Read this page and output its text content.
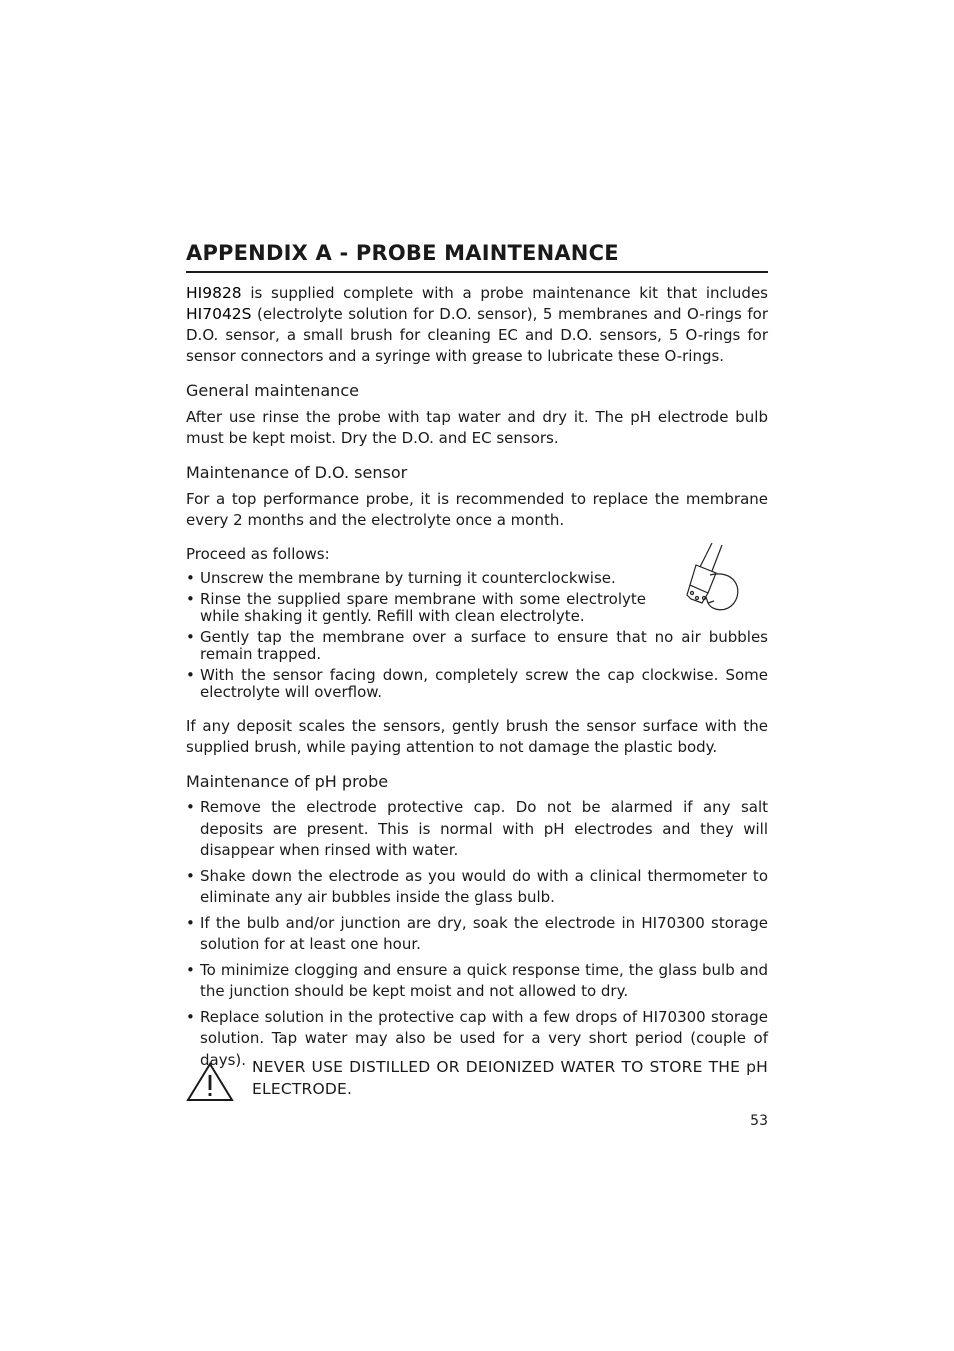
APPENDIX A - PROBE MAINTENANCE
HI9828 is supplied complete with a probe maintenance kit that includes HI7042S (electrolyte solution for D.O. sensor), 5 membranes and O-rings for D.O. sensor, a small brush for cleaning EC and D.O. sensors, 5 O-rings for sensor connectors and a syringe with grease to lubricate these O-rings.
General maintenance
After use rinse the probe with tap water and dry it. The pH electrode bulb must be kept moist. Dry the D.O. and EC sensors.
Maintenance of D.O. sensor
For a top performance probe, it is recommended to replace the membrane every 2 months and the electrolyte once a month.
Proceed as follows:
• Unscrew the membrane by turning it counterclockwise.
• Rinse the supplied spare membrane with some electrolyte while shaking it gently. Refill with clean electrolyte.
• Gently tap the membrane over a surface to ensure that no air bubbles remain trapped.
• With the sensor facing down, completely screw the cap clockwise. Some electrolyte will overflow.
If any deposit scales the sensors, gently brush the sensor surface with the supplied brush, while paying attention to not damage the plastic body.
Maintenance of pH probe
• Remove the electrode protective cap. Do not be alarmed if any salt deposits are present. This is normal with pH electrodes and they will disappear when rinsed with water.
• Shake down the electrode as you would do with a clinical thermometer to eliminate any air bubbles inside the glass bulb.
• If the bulb and/or junction are dry, soak the electrode in HI70300 storage solution for at least one hour.
• To minimize clogging and ensure a quick response time, the glass bulb and the junction should be kept moist and not allowed to dry.
• Replace solution in the protective cap with a few drops of HI70300 storage solution. Tap water may also be used for a very short period (couple of days). NEVER USE DISTILLED OR DEIONIZED WATER TO STORE THE pH ELECTRODE.
53
